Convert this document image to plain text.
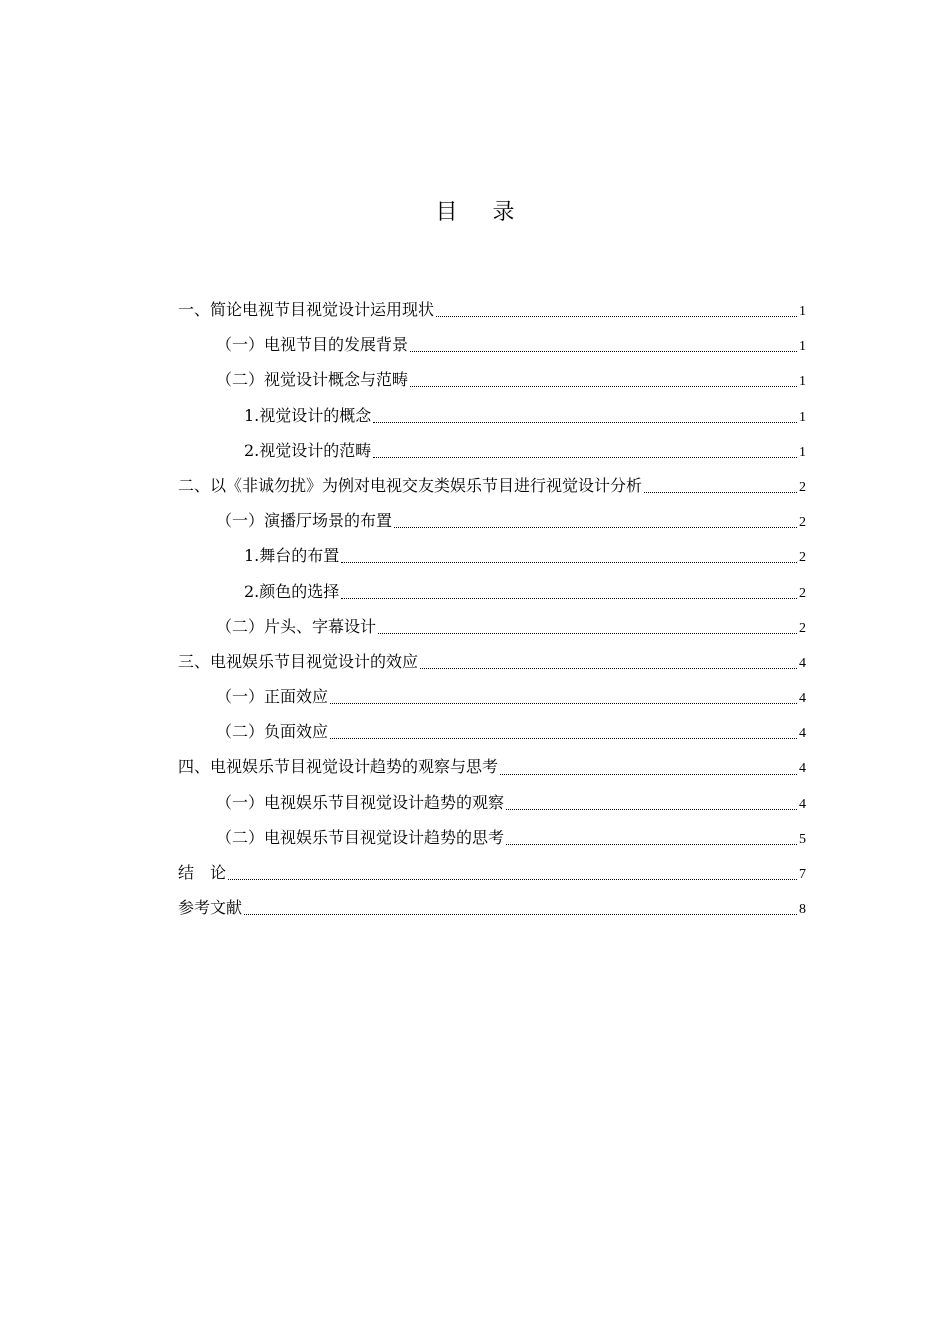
目 录
一、简论电视节目视觉设计运用现状	1
（一）电视节目的发展背景	1
（二）视觉设计概念与范畴	1
1.视觉设计的概念	1
2.视觉设计的范畴	1
二、以《非诚勿扰》为例对电视交友类娱乐节目进行视觉设计分析	2
（一）演播厅场景的布置	2
1.舞台的布置	2
2.颜色的选择	2
（二）片头、字幕设计	2
三、电视娱乐节目视觉设计的效应	4
（一）正面效应	4
（二）负面效应	4
四、电视娱乐节目视觉设计趋势的观察与思考	4
（一）电视娱乐节目视觉设计趋势的观察	4
（二）电视娱乐节目视觉设计趋势的思考	5
结　论	7
参考文献	8
